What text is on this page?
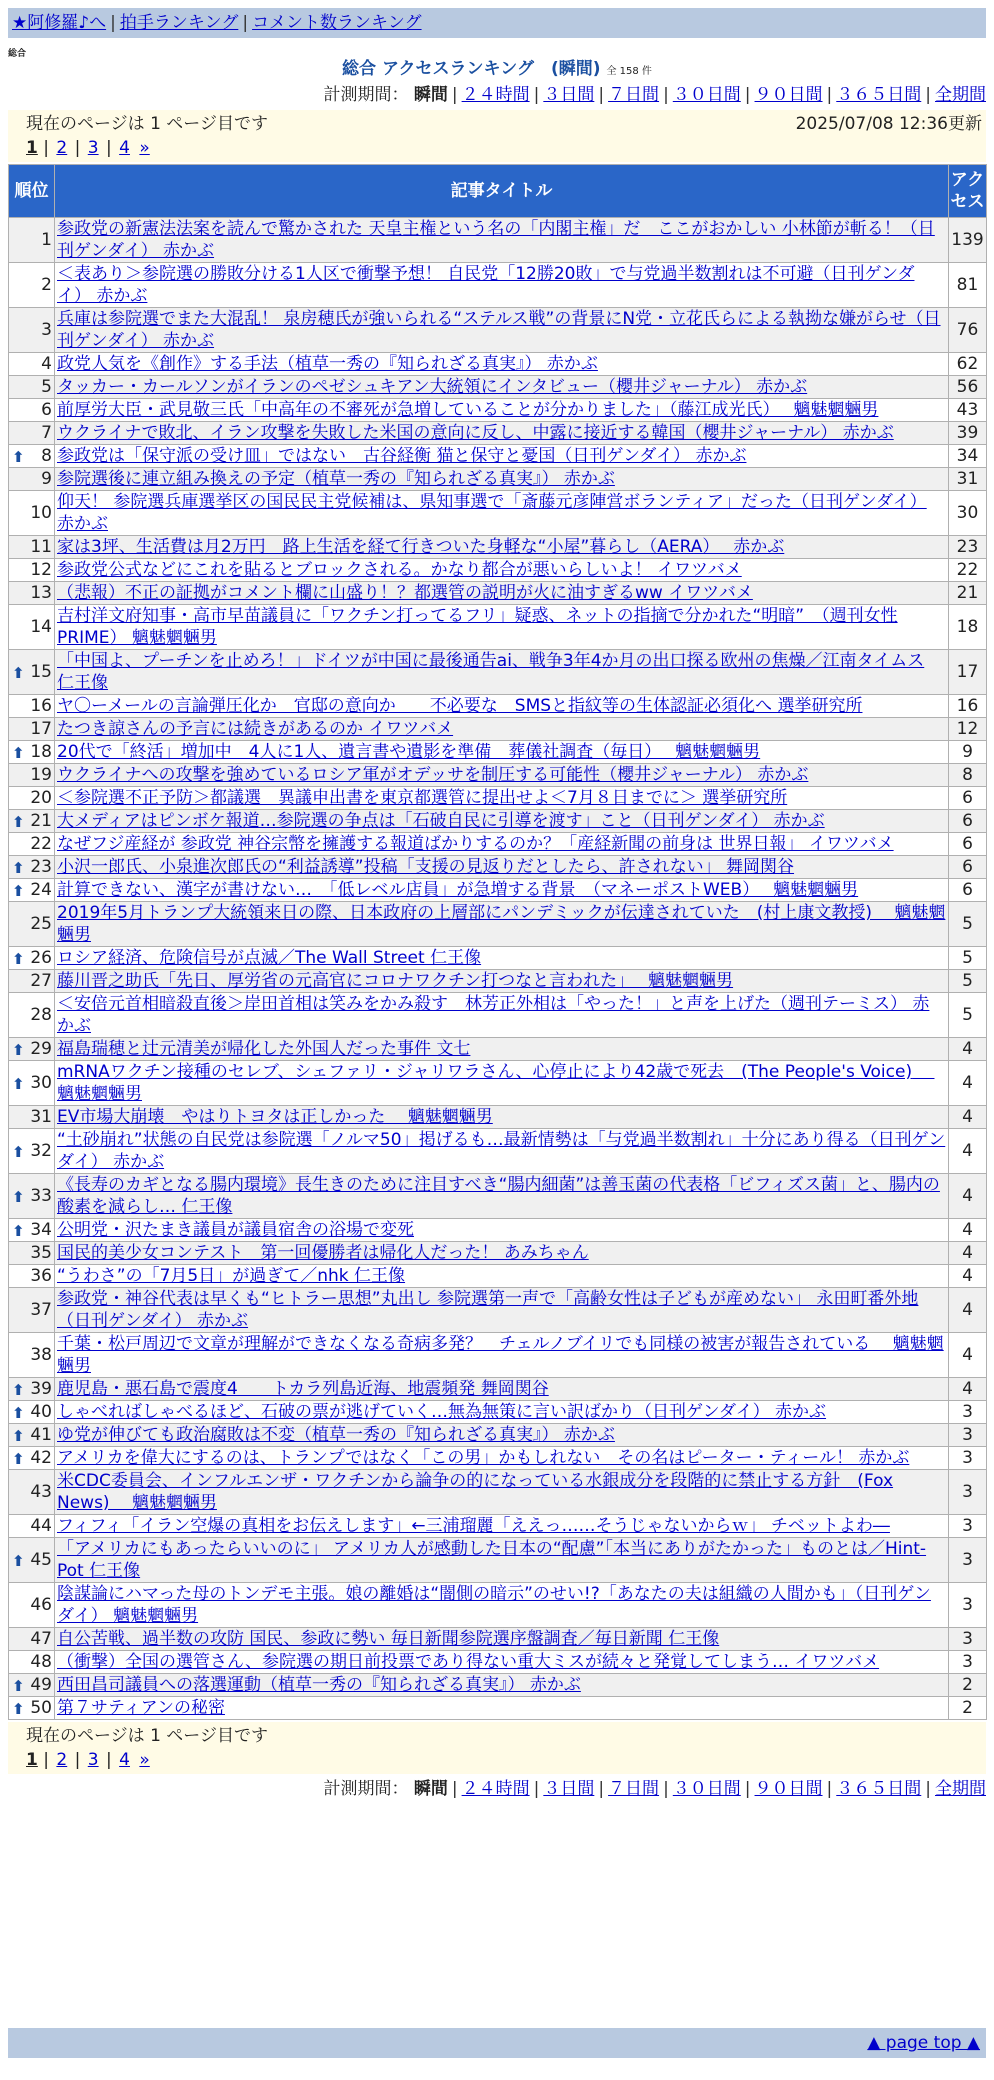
★阿修羅♪へ | 拍手ランキング | コメント数ランキング
総合
総合 アクセスランキング　(瞬間) 全 158 件
計測期間： 瞬間 | ２４時間 | ３日間 | ７日間 | ３０日間 | ９０日間 | ３６５日間 | 全期間
現在のページは 1 ページ目です	2025/07/08 12:36更新
1 | 2 | 3 | 4 »
順位	記事タイトル	アクセス
1	参政党の新憲法法案を読んで驚かされた 天皇主権という名の「内閣主権」だ　ここがおかしい 小林節が斬る！（日刊ゲンダイ） 赤かぶ	139
2	＜表あり＞参院選の勝敗分ける1人区で衝撃予想！ 自民党「12勝20敗」で与党過半数割れは不可避（日刊ゲンダイ） 赤かぶ	81
3	兵庫は参院選でまた大混乱！ 泉房穂氏が強いられる“ステルス戦”の背景にN党・立花氏らによる執拗な嫌がらせ（日刊ゲンダイ） 赤かぶ	76
4	政党人気を《創作》する手法（植草一秀の『知られざる真実』） 赤かぶ	62
5	タッカー・カールソンがイランのペゼシュキアン大統領にインタビュー（櫻井ジャーナル） 赤かぶ	56
6	前厚労大臣・武見敬三氏「中高年の不審死が急増していることが分かりました」（藤江成光氏）　 魑魅魍魎男	43
7	ウクライナで敗北、イラン攻撃を失敗した米国の意向に反し、中露に接近する韓国（櫻井ジャーナル） 赤かぶ	39

⬆ 8	参政党は「保守派の受け皿」ではない　古谷経衡 猫と保守と憂国（日刊ゲンダイ） 赤かぶ	34
9	参院選後に連立組み換えの予定（植草一秀の『知られざる真実』） 赤かぶ	31
10	仰天！ 参院選兵庫選挙区の国民民主党候補は、県知事選で「斎藤元彦陣営ボランティア」だった（日刊ゲンダイ） 赤かぶ	30
11	家は3坪、生活費は月2万円　路上生活を経て行きついた身軽な“小屋”暮らし（AERA）　 赤かぶ	23
12	参政党公式などにこれを貼るとブロックされる。かなり都合が悪いらしいよ！ イワツバメ	22
13	（悲報）不正の証拠がコメント欄に山盛り！？都選管の説明が火に油すぎるww イワツバメ	21
14	吉村洋文府知事・高市早苗議員に「ワクチン打ってるフリ」疑惑、ネットの指摘で分かれた“明暗”　（週刊女性PRIME） 魑魅魍魎男	18

⬆ 15	「中国よ、プーチンを止めろ！」ドイツが中国に最後通告ai、戦争3年4か月の出口探る欧州の焦燥／江南タイムス 仁王像	17
16	ヤ〇ーメールの言論弾圧化か　官邸の意向か　　不必要な　SMSと指紋等の生体認証必須化へ 選挙研究所	16
17	たつき諒さんの予言には続きがあるのか イワツバメ	12

⬆ 18	20代で「終活」増加中　4人に1人、遺言書や遺影を準備　葬儀社調査（毎日）　 魑魅魍魎男	9
19	ウクライナへの攻撃を強めているロシア軍がオデッサを制圧する可能性（櫻井ジャーナル） 赤かぶ	8
20	＜参院選不正予防＞都議選　異議申出書を東京都選管に提出せよ＜7月８日までに＞ 選挙研究所	6

⬆ 21	大メディアはピンボケ報道…参院選の争点は「石破自民に引導を渡す」こと（日刊ゲンダイ） 赤かぶ	6
22	なぜフジ産経が 参政党 神谷宗幣を擁護する報道ばかりするのか？「産経新聞の前身は 世界日報」 イワツバメ	6

⬆ 23	小沢一郎氏、小泉進次郎氏の“利益誘導”投稿「支援の見返りだとしたら、許されない」 舞岡関谷	6

⬆ 24	計算できない、漢字が書けない…　「低レベル店員」が急増する背景　（マネーポストWEB）　 魑魅魍魎男	6
25	2019年5月トランプ大統領来日の際、日本政府の上層部にパンデミックが伝達されていた　(村上康文教授)　 魑魅魍魎男	5

⬆ 26	ロシア経済、危険信号が点滅／The Wall Street 仁王像	5
27	藤川晋之助氏「先日、厚労省の元高官にコロナワクチン打つなと言われた」　 魑魅魍魎男	5
28	＜安倍元首相暗殺直後＞岸田首相は笑みをかみ殺す　林芳正外相は「やった！」と声を上げた（週刊テーミス） 赤かぶ	5

⬆ 29	福島瑞穂と辻元清美が帰化した外国人だった事件 文七	4

⬆ 30	mRNAワクチン接種のセレブ、シェファリ・ジャリワラさん、心停止により42歳で死去　(The People's Voice)　 魑魅魍魎男	4
31	EV市場大崩壊　やはりトヨタは正しかった　 魑魅魍魎男	4

⬆ 32	“土砂崩れ”状態の自民党は参院選「ノルマ50」掲げるも…最新情勢は「与党過半数割れ」十分にあり得る（日刊ゲンダイ） 赤かぶ	4

⬆ 33	《長寿のカギとなる腸内環境》長生きのために注目すべき“腸内細菌”は善玉菌の代表格「ビフィズス菌」と、腸内の酸素を減らし… 仁王像	4

⬆ 34	公明党・沢たまき議員が議員宿舎の浴場で変死	4
35	国民的美少女コンテスト　第一回優勝者は帰化人だった！ あみちゃん	4
36	“うわさ”の「7月5日」が過ぎて／nhk 仁王像	4
37	参政党・神谷代表は早くも“ヒトラー思想”丸出し 参院選第一声で「高齢女性は子どもが産めない」 永田町番外地（日刊ゲンダイ） 赤かぶ	4
38	千葉・松戸周辺で文章が理解ができなくなる奇病多発？　チェルノブイリでも同様の被害が報告されている　 魑魅魍魎男	4

⬆ 39	鹿児島・悪石島で震度4　　トカラ列島近海、地震頻発 舞岡関谷	4

⬆ 40	しゃべればしゃべるほど、石破の票が逃げていく…無為無策に言い訳ばかり（日刊ゲンダイ） 赤かぶ	3

⬆ 41	ゆ党が伸びても政治腐敗は不変（植草一秀の『知られざる真実』） 赤かぶ	3

⬆ 42	アメリカを偉大にするのは、トランプではなく「この男」かもしれない　その名はピーター・ティール！ 赤かぶ	3
43	米CDC委員会、インフルエンザ・ワクチンから論争の的になっている水銀成分を段階的に禁止する方針　(Fox News)　 魑魅魍魎男	3
44	フィフィ「イラン空爆の真相をお伝えします」←三浦瑠麗「ええっ……そうじゃないからｗ」 チベットよわ―	3

⬆ 45	「アメリカにもあったらいいのに」 アメリカ人が感動した日本の“配慮”「本当にありがたかった」ものとは／Hint-Pot 仁王像	3
46	陰謀論にハマった母のトンデモ主張。娘の離婚は“闇側の暗示”のせい!?「あなたの夫は組織の人間かも」（日刊ゲンダイ） 魑魅魍魎男	3
47	自公苦戦、過半数の攻防 国民、参政に勢い 毎日新聞参院選序盤調査／毎日新聞 仁王像	3
48	（衝撃）全国の選管さん、参院選の期日前投票であり得ない重大ミスが続々と発覚してしまう… イワツバメ	3

⬆ 49	西田昌司議員への落選運動（植草一秀の『知られざる真実』） 赤かぶ	2

⬆ 50	第７サティアンの秘密	2
計測期間： 瞬間 | ２４時間 | ３日間 | ７日間 | ３０日間 | ９０日間 | ３６５日間 | 全期間
▲ page top ▲
現在のページは 1 ページ目です
1 | 2 | 3 | 4 »
